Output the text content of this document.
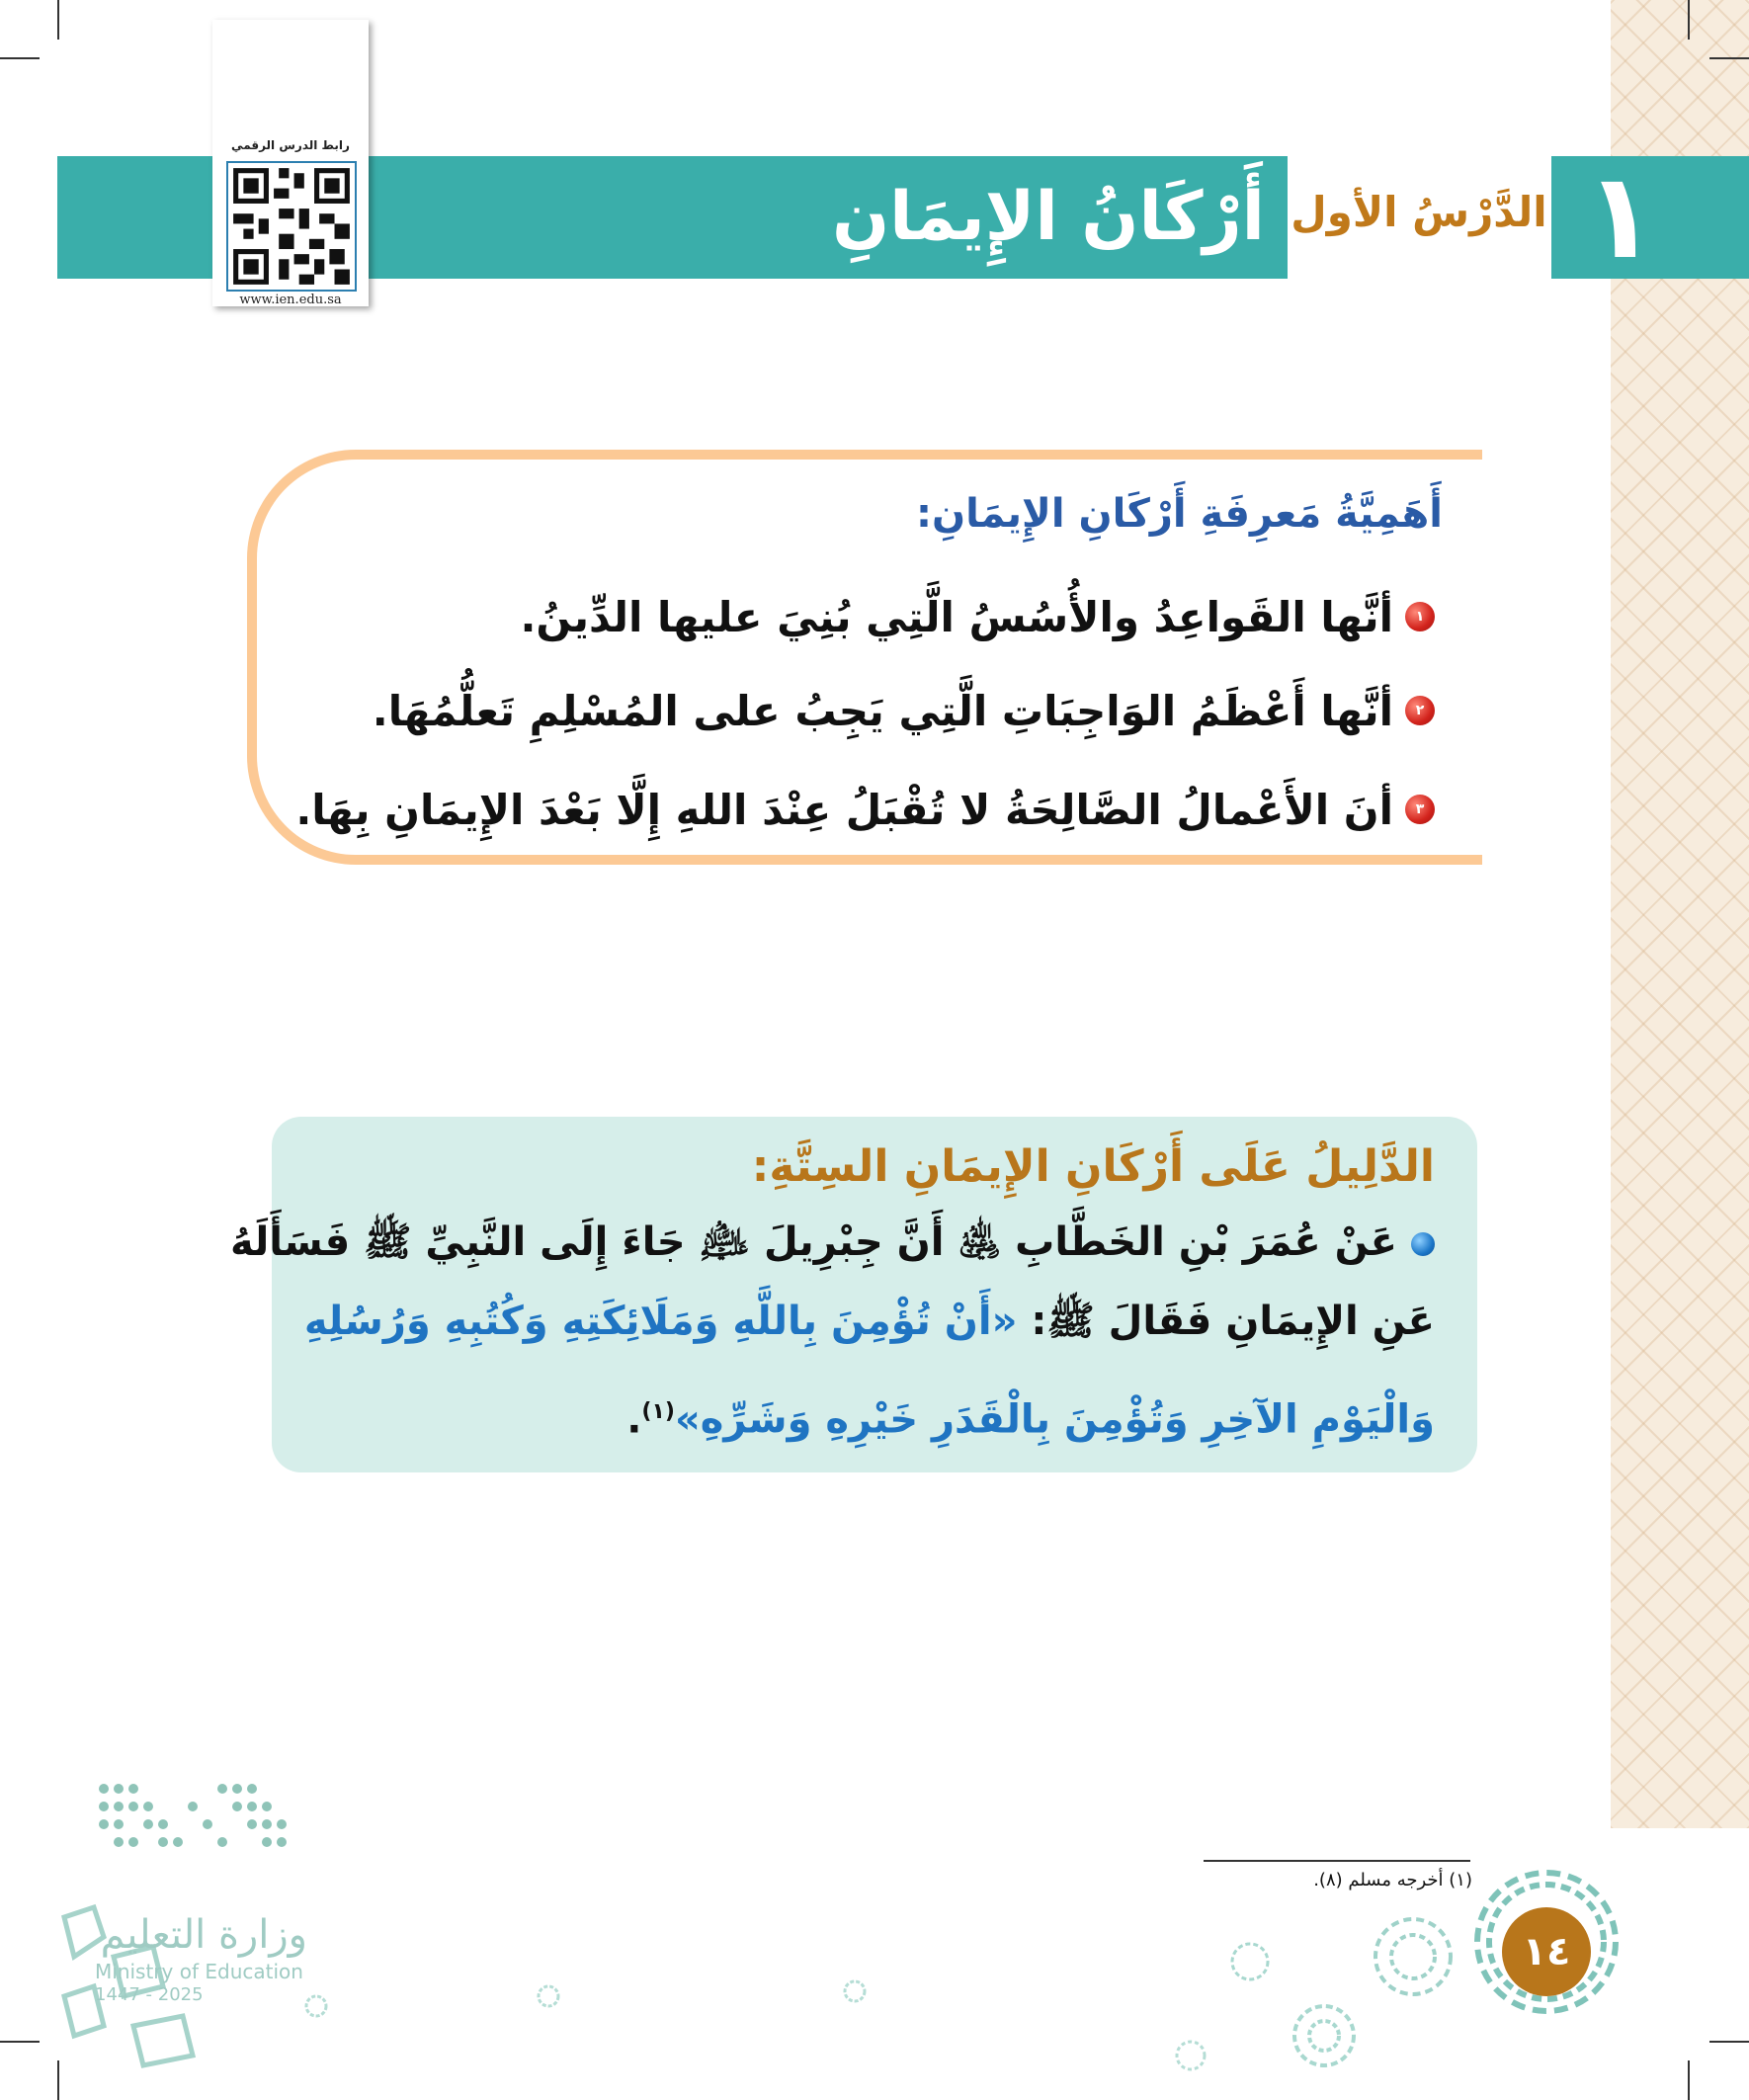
١
الدَّرْسُ الأول
أَرْكَانُ الإِيمَانِ
رابط الدرس الرقمي
www.ien.edu.sa
أَهَمِيَّةُ مَعرِفَةِ أَرْكَانِ الإِيمَانِ:
١
أنَّها القَواعِدُ والأُسُسُ الَّتِي بُنِيَ عليها الدِّينُ.
٢
أنَّها أَعْظَمُ الوَاجِبَاتِ الَّتِي يَجِبُ على المُسْلِمِ تَعلُّمُهَا.
٣
أنَ الأَعْمالُ الصَّالِحَةُ لا تُقْبَلُ عِنْدَ اللهِ إِلَّا بَعْدَ الإِيمَانِ بِهَا.
الدَّلِيلُ عَلَى أَرْكَانِ الإِيمَانِ السِتَّةِ:
عَنْ عُمَرَ بْنِ الخَطَّابِ ﵁ أَنَّ جِبْرِيلَ ﵇ جَاءَ إِلَى النَّبِيِّ ﷺ فَسَأَلَهُ
عَنِ الإِيمَانِ فَقَالَ ﷺ: «أَنْ تُؤْمِنَ بِاللَّهِ وَمَلَائِكَتِهِ وَكُتُبِهِ وَرُسُلِهِ
وَالْيَوْمِ الآخِرِ وَتُؤْمِنَ بِالْقَدَرِ خَيْرِهِ وَشَرِّهِ»$^{(١)}$.
(١) أخرجه مسلم (٨).
١٤
وزارة التعليم
Ministry of Education
2025 - 1447
